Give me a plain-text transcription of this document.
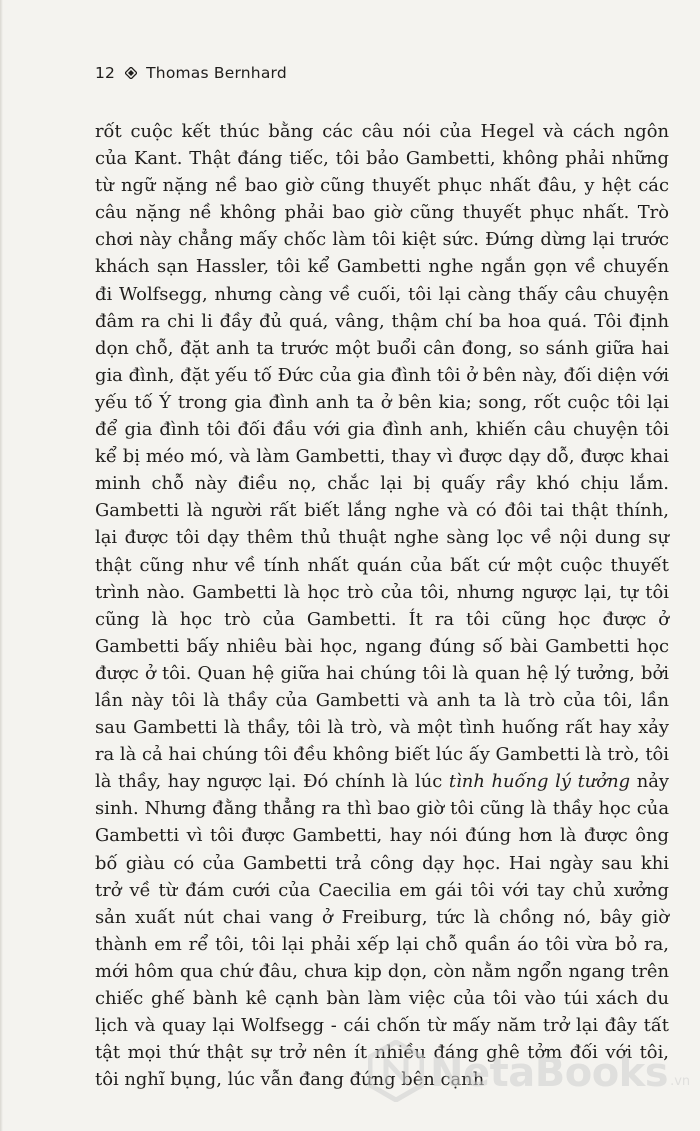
12 Thomas Bernhard

rốt cuộc kết thúc bằng các câu nói của Hegel và cách ngôn của Kant. Thật đáng tiếc, tôi bảo Gambetti, không phải những từ ngữ nặng nề bao giờ cũng thuyết phục nhất đâu, y hệt các câu nặng nề không phải bao giờ cũng thuyết phục nhất. Trò chơi này chẳng mấy chốc làm tôi kiệt sức. Đứng dừng lại trước khách sạn Hassler, tôi kể Gambetti nghe ngắn gọn về chuyến đi Wolfsegg, nhưng càng về cuối, tôi lại càng thấy câu chuyện đâm ra chi li đầy đủ quá, vâng, thậm chí ba hoa quá. Tôi định dọn chỗ, đặt anh ta trước một buổi cân đong, so sánh giữa hai gia đình, đặt yếu tố Đức của gia đình tôi ở bên này, đối diện với yếu tố Ý trong gia đình anh ta ở bên kia; song, rốt cuộc tôi lại để gia đình tôi đối đầu với gia đình anh, khiến câu chuyện tôi kể bị méo mó, và làm Gambetti, thay vì được dạy dỗ, được khai minh chỗ này điều nọ, chắc lại bị quấy rầy khó chịu lắm. Gambetti là người rất biết lắng nghe và có đôi tai thật thính, lại được tôi dạy thêm thủ thuật nghe sàng lọc về nội dung sự thật cũng như về tính nhất quán của bất cứ một cuộc thuyết trình nào. Gambetti là học trò của tôi, nhưng ngược lại, tự tôi cũng là học trò của Gambetti. Ít ra tôi cũng học được ở Gambetti bấy nhiêu bài học, ngang đúng số bài Gambetti học được ở tôi. Quan hệ giữa hai chúng tôi là quan hệ lý tưởng, bởi lần này tôi là thầy của Gambetti và anh ta là trò của tôi, lần sau Gambetti là thầy, tôi là trò, và một tình huống rất hay xảy ra là cả hai chúng tôi đều không biết lúc ấy Gambetti là trò, tôi là thầy, hay ngược lại. Đó chính là lúc tình huống lý tưởng nảy sinh. Nhưng đằng thẳng ra thì bao giờ tôi cũng là thầy học của Gambetti vì tôi được Gambetti, hay nói đúng hơn là được ông bố giàu có của Gambetti trả công dạy học. Hai ngày sau khi trở về từ đám cưới của Caecilia em gái tôi với tay chủ xưởng sản xuất nút chai vang ở Freiburg, tức là chồng nó, bây giờ thành em rể tôi, tôi lại phải xếp lại chỗ quần áo tôi vừa bỏ ra, mới hôm qua chứ đâu, chưa kịp dọn, còn nằm ngổn ngang trên chiếc ghế bành kê cạnh bàn làm việc của tôi vào túi xách du lịch và quay lại Wolfsegg - cái chốn từ mấy năm trở lại đây tất tật mọi thứ thật sự trở nên ít nhiều đáng ghê tởm đối với tôi, tôi nghĩ bụng, lúc vẫn đang đứng bên cạnh

NetaBooks .vn
